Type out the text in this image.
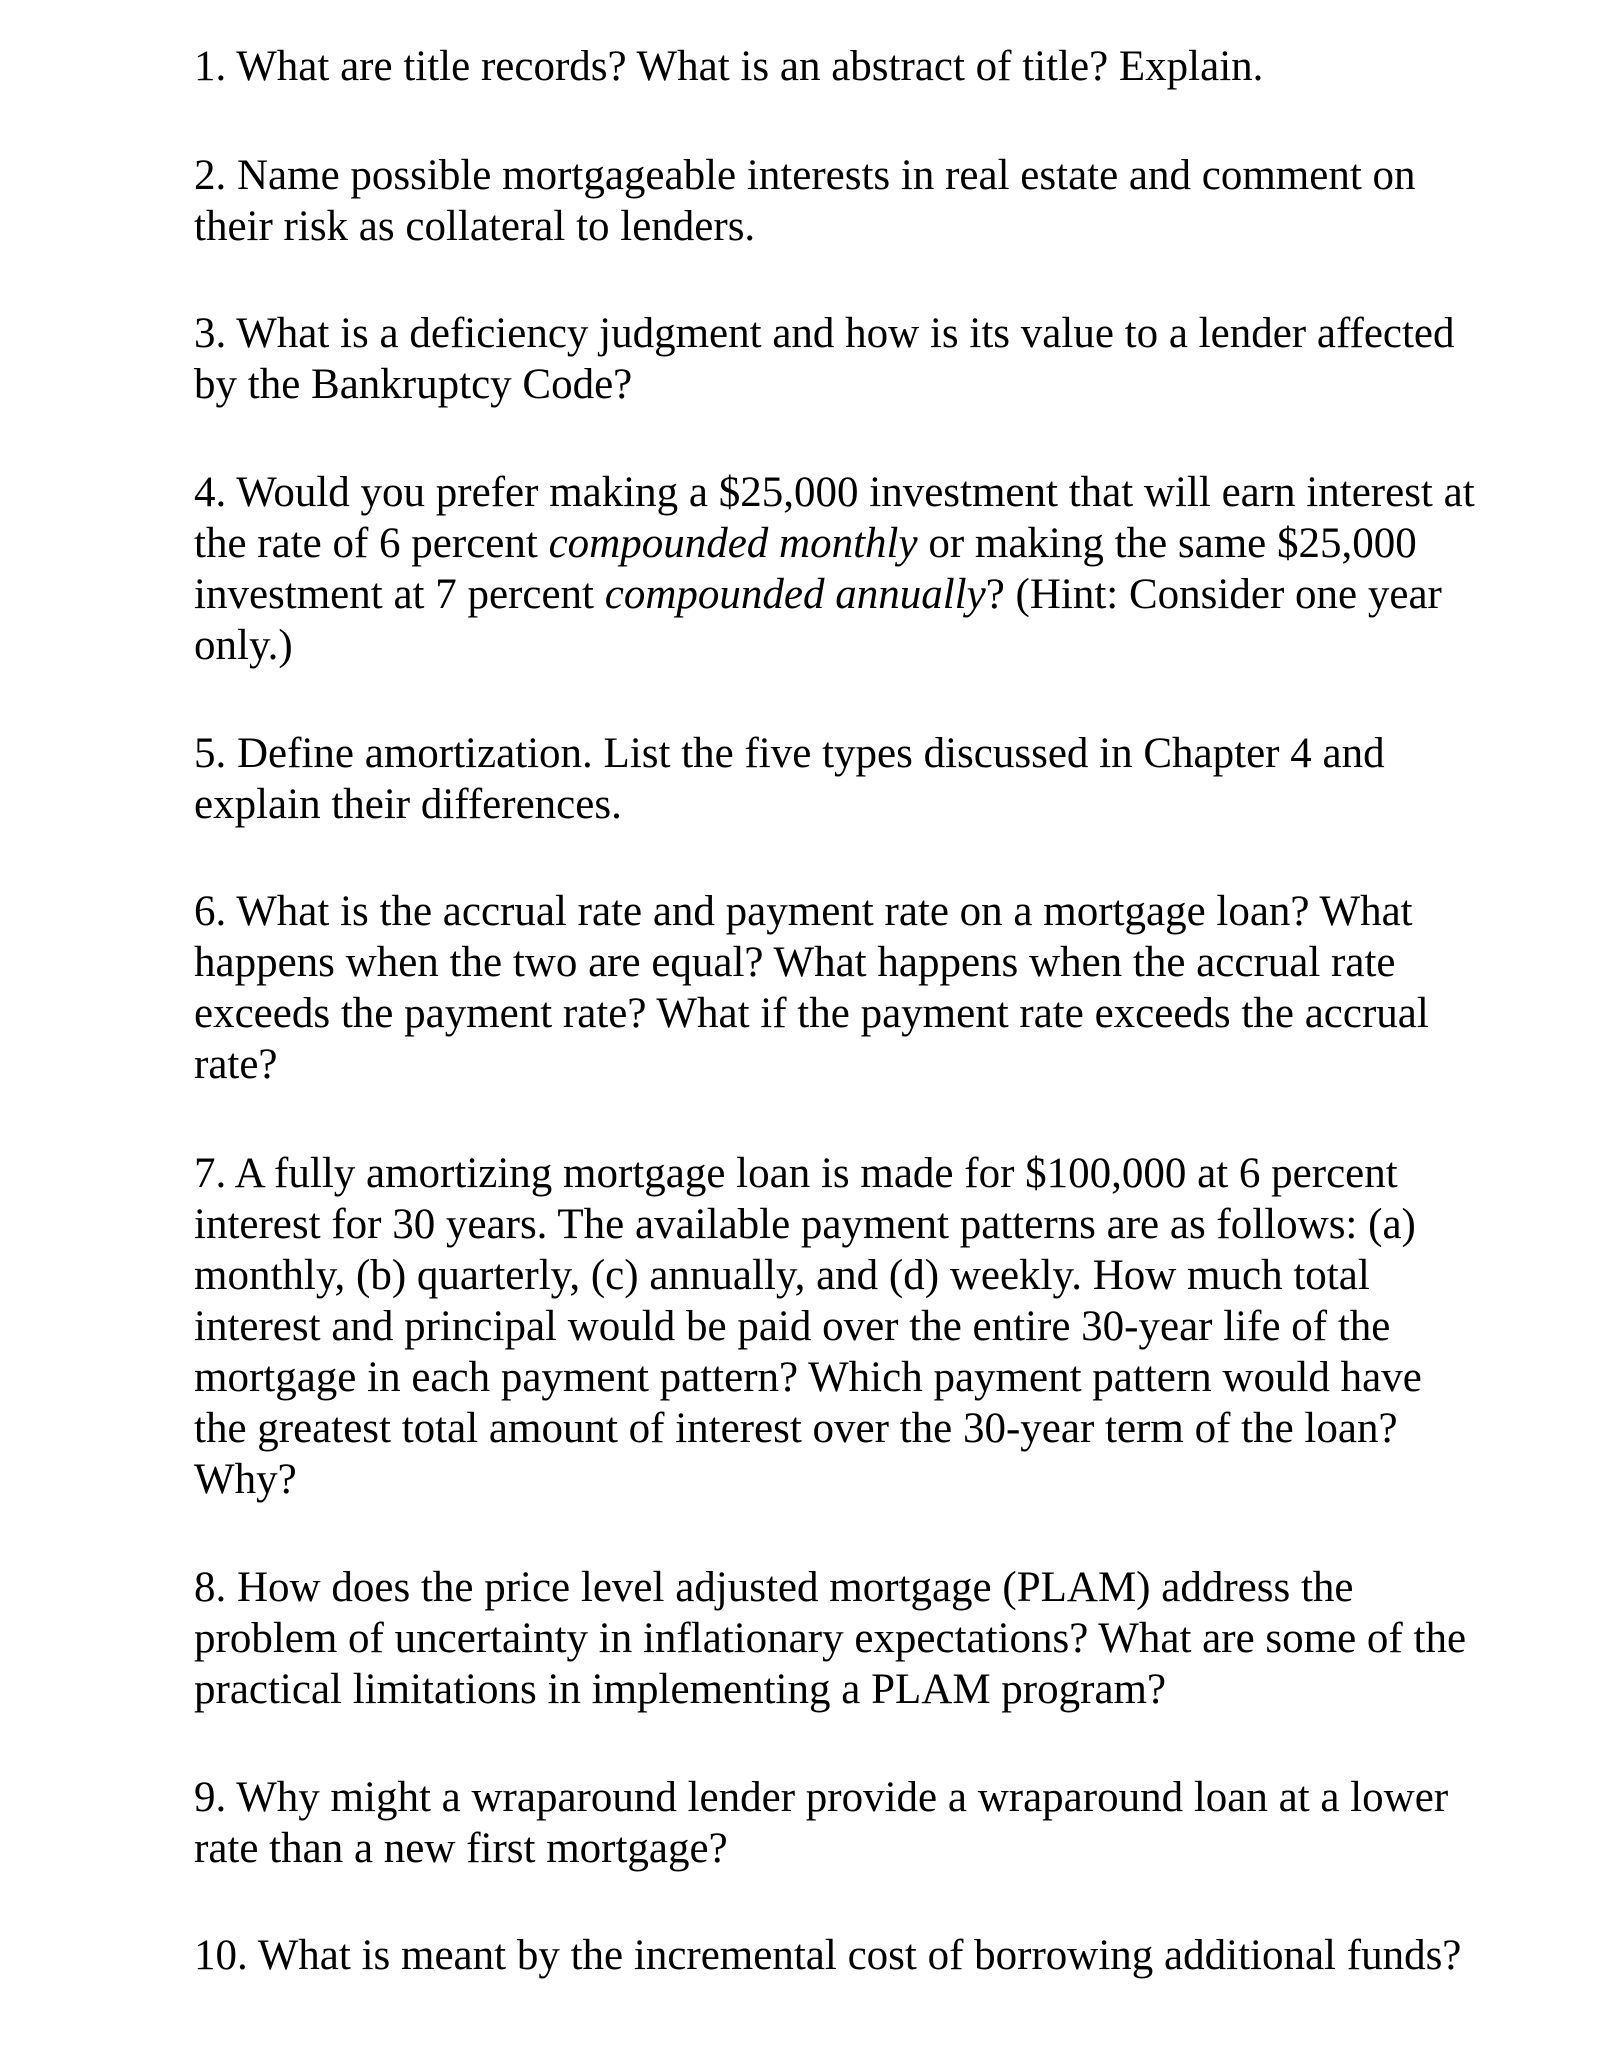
1. What are title records? What is an abstract of title? Explain.

2. Name possible mortgageable interests in real estate and comment on their risk as collateral to lenders.

3. What is a deficiency judgment and how is its value to a lender affected by the Bankruptcy Code?

4. Would you prefer making a $25,000 investment that will earn interest at the rate of 6 percent compounded monthly or making the same $25,000 investment at 7 percent compounded annually? (Hint: Consider one year only.)

5. Define amortization. List the five types discussed in Chapter 4 and explain their differences.

6. What is the accrual rate and payment rate on a mortgage loan? What happens when the two are equal? What happens when the accrual rate exceeds the payment rate? What if the payment rate exceeds the accrual rate?

7. A fully amortizing mortgage loan is made for $100,000 at 6 percent interest for 30 years. The available payment patterns are as follows: (a) monthly, (b) quarterly, (c) annually, and (d) weekly. How much total interest and principal would be paid over the entire 30-year life of the mortgage in each payment pattern? Which payment pattern would have the greatest total amount of interest over the 30-year term of the loan? Why?

8. How does the price level adjusted mortgage (PLAM) address the problem of uncertainty in inflationary expectations? What are some of the practical limitations in implementing a PLAM program?

9. Why might a wraparound lender provide a wraparound loan at a lower rate than a new first mortgage?

10. What is meant by the incremental cost of borrowing additional funds?
